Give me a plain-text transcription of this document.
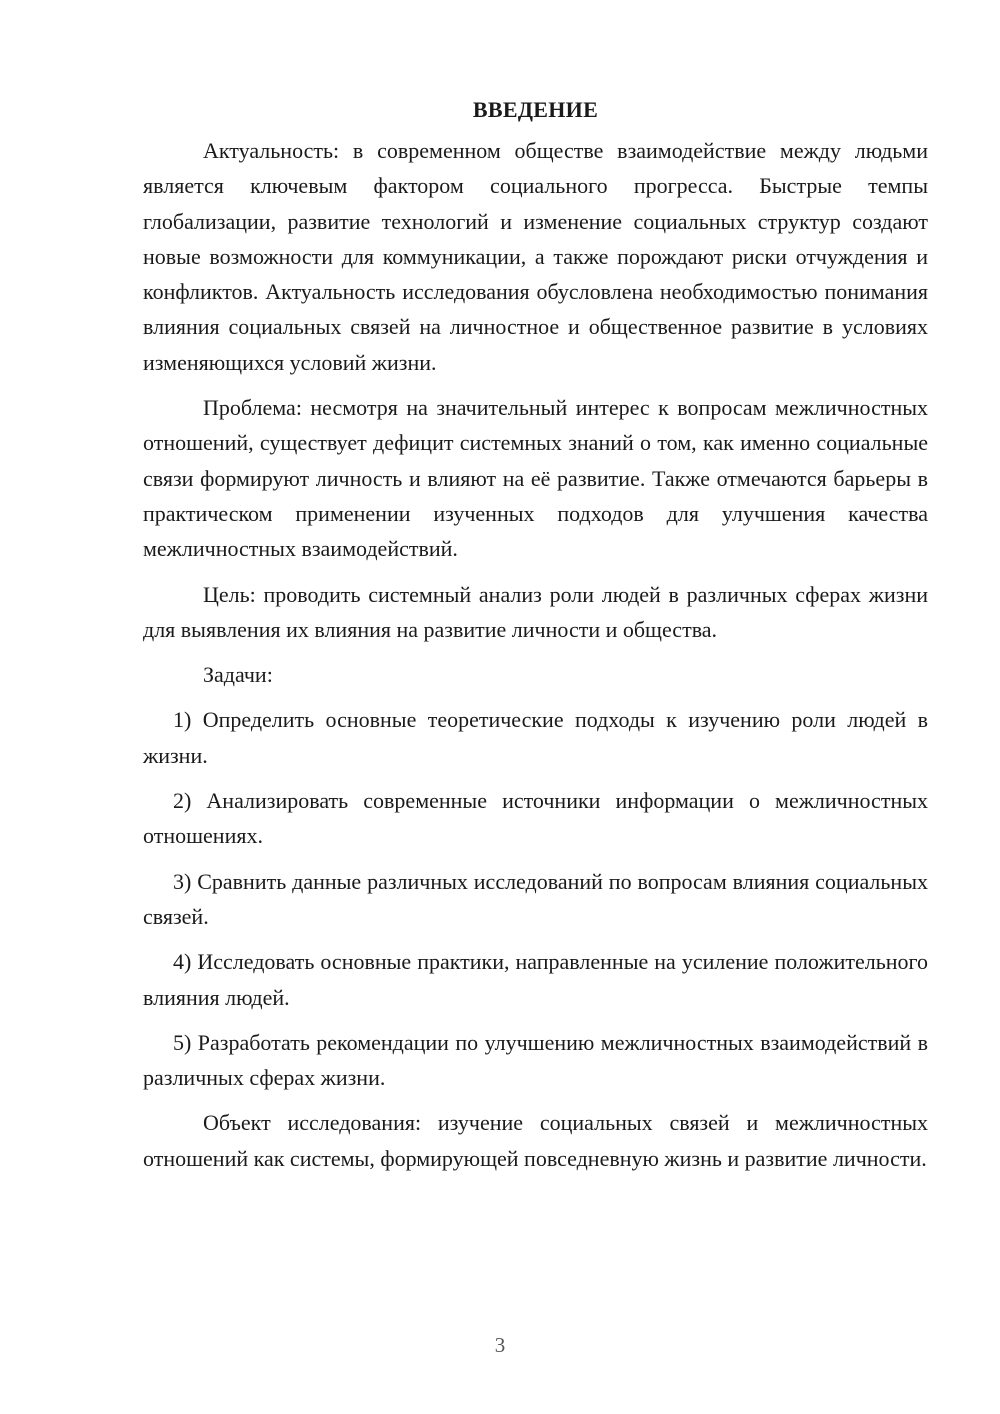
ВВЕДЕНИЕ

Актуальность: в современном обществе взаимодействие между людьми является ключевым фактором социального прогресса. Быстрые темпы глобализации, развитие технологий и изменение социальных структур создают новые возможности для коммуникации, а также порождают риски отчуждения и конфликтов. Актуальность исследования обусловлена необходимостью понимания влияния социальных связей на личностное и общественное развитие в условиях изменяющихся условий жизни.

Проблема: несмотря на значительный интерес к вопросам межличностных отношений, существует дефицит системных знаний о том, как именно социальные связи формируют личность и влияют на её развитие. Также отмечаются барьеры в практическом применении изученных подходов для улучшения качества межличностных взаимодействий.

Цель: проводить системный анализ роли людей в различных сферах жизни для выявления их влияния на развитие личности и общества.

Задачи:

1) Определить основные теоретические подходы к изучению роли людей в жизни.

2) Анализировать современные источники информации о межличностных отношениях.

3) Сравнить данные различных исследований по вопросам влияния социальных связей.

4) Исследовать основные практики, направленные на усиление положительного влияния людей.

5) Разработать рекомендации по улучшению межличностных взаимодействий в различных сферах жизни.

Объект исследования: изучение социальных связей и межличностных отношений как системы, формирующей повседневную жизнь и развитие личности.

3
